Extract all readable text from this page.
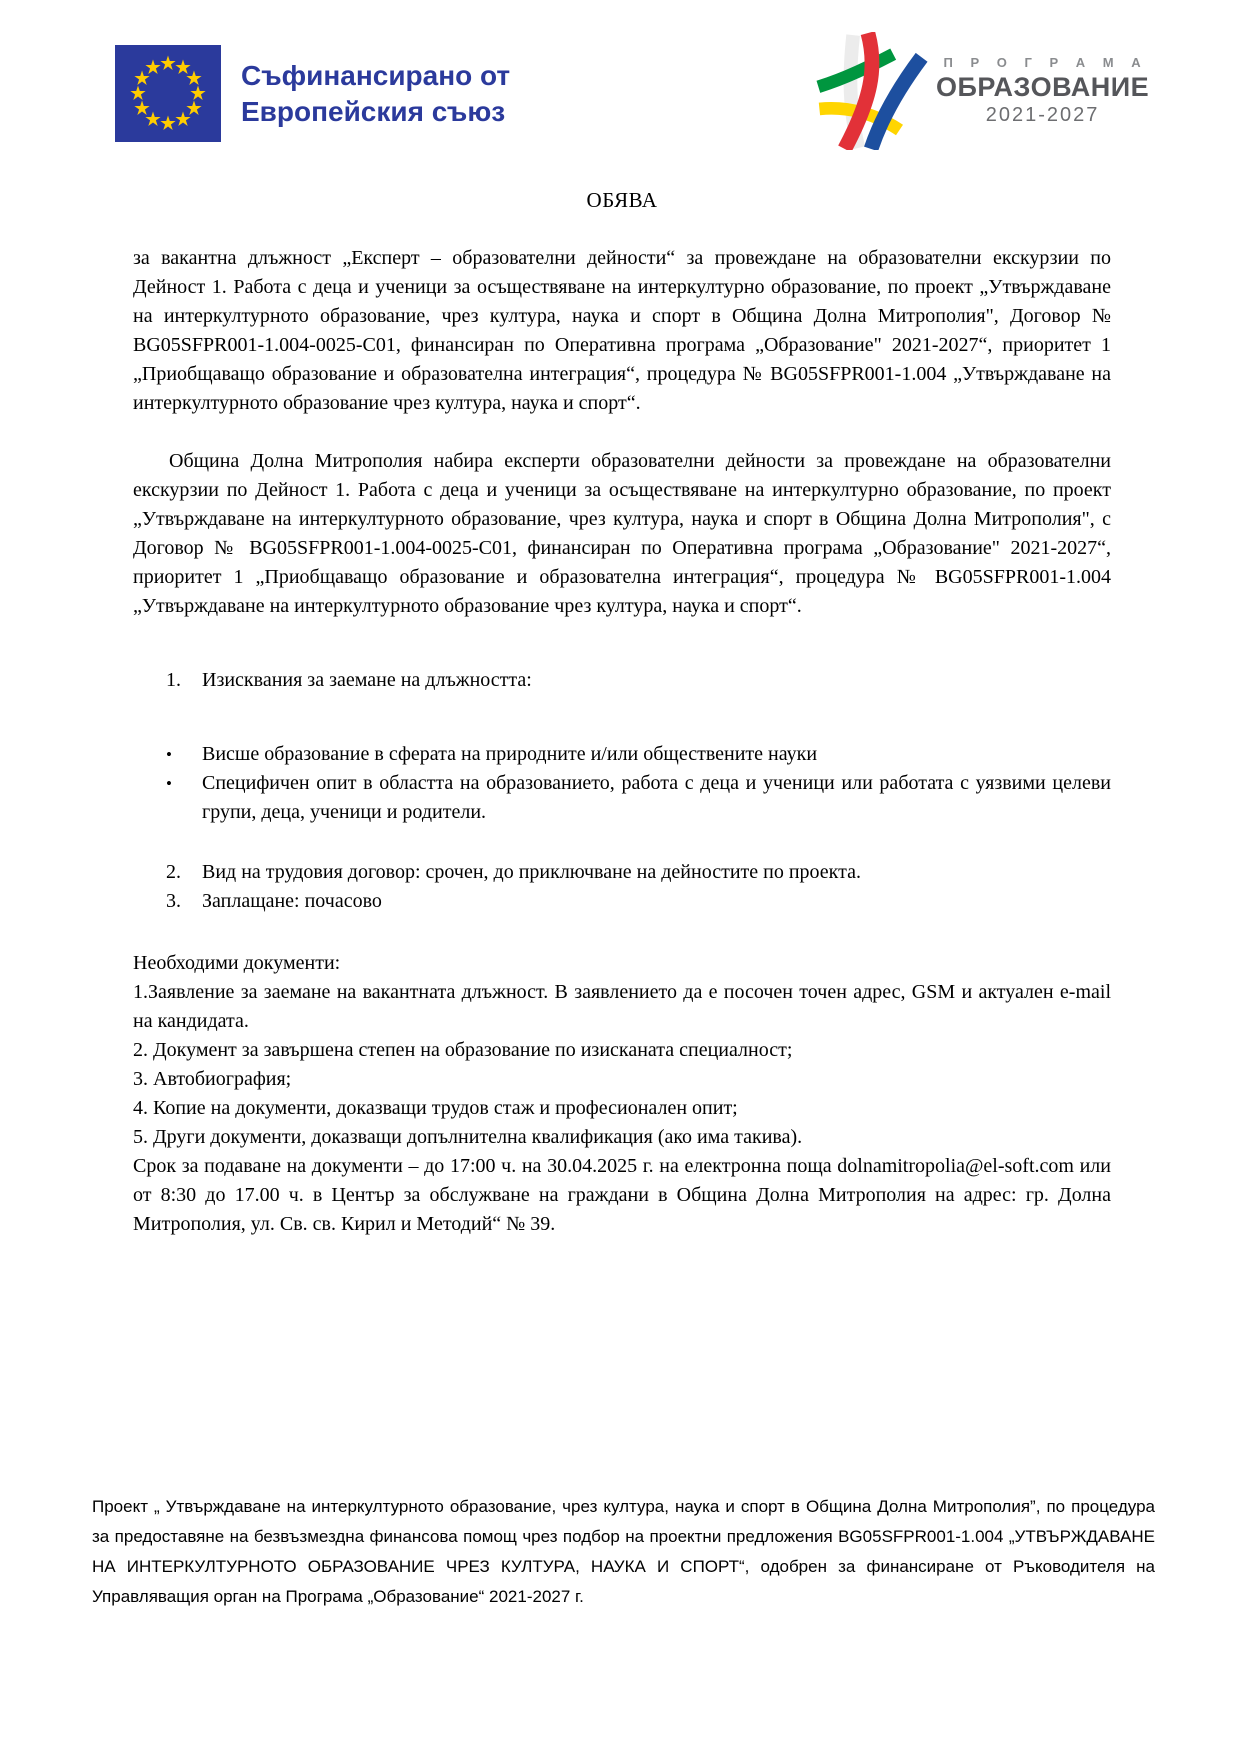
Съфинансирано от
Европейския съюз
П Р О Г Р А М А
ОБРАЗОВАНИЕ
2021-2027
ОБЯВА

за вакантна длъжност „Експерт – образователни дейности“ за провеждане на образователни екскурзии по Дейност 1. Работа с деца и ученици за осъществяване на интеркултурно образование, по проект „Утвърждаване на интеркултурното образование, чрез култура, наука и спорт в Община Долна Митрополия", Договор № BG05SFPR001-1.004-0025-C01, финансиран по Оперативна програма „Образование" 2021-2027“, приоритет 1 „Приобщаващо образование и образователна интеграция“, процедура № BG05SFPR001-1.004 „Утвърждаване на интеркултурното образование чрез култура, наука и спорт“.

Община Долна Митрополия набира експерти образователни дейности за провеждане на образователни екскурзии по Дейност 1. Работа с деца и ученици за осъществяване на интеркултурно образование, по проект „Утвърждаване на интеркултурното образование, чрез култура, наука и спорт в Община Долна Митрополия", с Договор № BG05SFPR001-1.004-0025-C01, финансиран по Оперативна програма „Образование" 2021-2027“, приоритет 1 „Приобщаващо образование и образователна интеграция“, процедура № BG05SFPR001-1.004 „Утвърждаване на интеркултурното образование чрез култура, наука и спорт“.

1.	Изисквания за заемане на длъжността:
•	Висше образование в сферата на природните и/или обществените науки
•	Специфичен опит в областта на образованието, работа с деца и ученици или работата с уязвими целеви групи, деца, ученици и родители.
2.	Вид на трудовия договор: срочен, до приключване на дейностите по проекта.
3.	Заплащане: почасово

Необходими документи:

1.Заявление за заемане на вакантната длъжност. В заявлението да е посочен точен адрес, GSM и актуален e-mail на кандидата.
2. Документ за завършена степен на образование по изисканата специалност;
3. Автобиография;
4. Копие на документи, доказващи трудов стаж и професионален опит;
5. Други документи, доказващи допълнителна квалификация (ако има такива).
Срок за подаване на документи – до 17:00 ч. на 30.04.2025 г. на електронна поща dolnamitropolia@el-soft.com или от 8:30 до 17.00 ч. в Център за обслужване на граждани в Община Долна Митрополия на адрес: гр. Долна Митрополия, ул. Св. св. Кирил и Методий“ № 39.
Проект „ Утвърждаване на интеркултурното образование, чрез култура, наука и спорт в Община Долна Митрополия”, по процедура за предоставяне на безвъзмездна финансова помощ чрез подбор на проектни предложения BG05SFPR001-1.004 „УТВЪРЖДАВАНЕ НА ИНТЕРКУЛТУРНОТО ОБРАЗОВАНИЕ ЧРЕЗ КУЛТУРА, НАУКА И СПОРТ“, одобрен за финансиране от Ръководителя на Управляващия орган на Програма „Образование“ 2021-2027 г.
